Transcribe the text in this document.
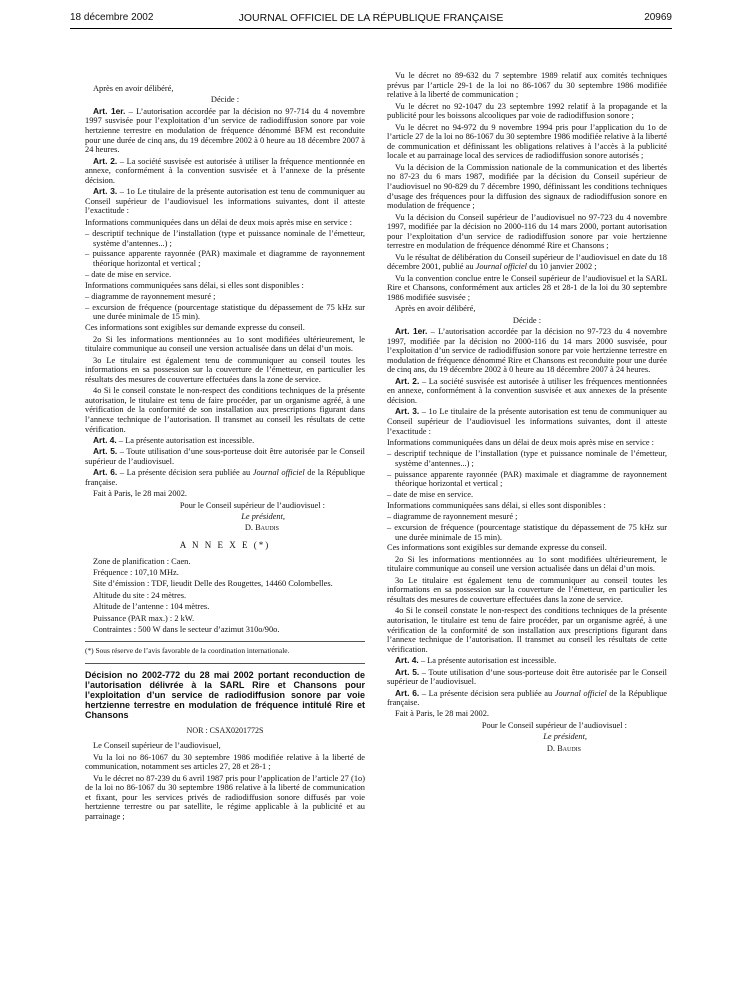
18 décembre 2002	JOURNAL OFFICIEL DE LA RÉPUBLIQUE FRANÇAISE	20969

Après en avoir délibéré,

Décide :

Art. 1er. – L’autorisation accordée par la décision no 97-714 du 4 novembre 1997 susvisée pour l’exploitation d’un service de radiodiffusion sonore par voie hertzienne terrestre en modulation de fréquence dénommé BFM est reconduite pour une durée de cinq ans, du 19 décembre 2002 à 0 heure au 18 décembre 2007 à 24 heures.

Art. 2. – La société susvisée est autorisée à utiliser la fréquence mentionnée en annexe, conformément à la convention susvisée et à l’annexe de la présente décision.

Art. 3. – 1o Le titulaire de la présente autorisation est tenu de communiquer au Conseil supérieur de l’audiovisuel les informations suivantes, dont il atteste l’exactitude :

Informations communiquées dans un délai de deux mois après mise en service :

– descriptif technique de l’installation (type et puissance nominale de l’émetteur, système d’antennes...) ;

– puissance apparente rayonnée (PAR) maximale et diagramme de rayonnement théorique horizontal et vertical ;

– date de mise en service.

Informations communiquées sans délai, si elles sont disponibles :

– diagramme de rayonnement mesuré ;

– excursion de fréquence (pourcentage statistique du dépassement de 75 kHz sur une durée minimale de 15 min).

Ces informations sont exigibles sur demande expresse du conseil.

2o Si les informations mentionnées au 1o sont modifiées ultérieurement, le titulaire communique au conseil une version actualisée dans un délai d’un mois.

3o Le titulaire est également tenu de communiquer au conseil toutes les informations en sa possession sur la couverture de l’émetteur, en particulier les résultats des mesures de couverture effectuées dans la zone de service.

4o Si le conseil constate le non-respect des conditions techniques de la présente autorisation, le titulaire est tenu de faire procéder, par un organisme agréé, à une vérification de la conformité de son installation aux prescriptions figurant dans l’annexe technique de l’autorisation. Il transmet au conseil les résultats de cette vérification.

Art. 4. – La présente autorisation est incessible.

Art. 5. – Toute utilisation d’une sous-porteuse doit être autorisée par le Conseil supérieur de l’audiovisuel.

Art. 6. – La présente décision sera publiée au Journal officiel de la République française.

Fait à Paris, le 28 mai 2002.

Pour le Conseil supérieur de l’audiovisuel :

Le président,

D. Baudis

A N N E X E (*)

Zone de planification : Caen.

Fréquence : 107,10 MHz.

Site d’émission : TDF, lieudit Delle des Rougettes, 14460 Colombelles.

Altitude du site : 24 mètres.

Altitude de l’antenne : 104 mètres.

Puissance (PAR max.) : 2 kW.

Contraintes : 500 W dans le secteur d’azimut 310o/90o.

(*) Sous réserve de l’avis favorable de la coordination internationale.

Décision no 2002-772 du 28 mai 2002 portant reconduction de l’autorisation délivrée à la SARL Rire et Chansons pour l’exploitation d’un service de radiodiffusion sonore par voie hertzienne terrestre en modulation de fréquence intitulé Rire et Chansons

NOR : CSAX0201772S

Le Conseil supérieur de l’audiovisuel,

Vu la loi no 86-1067 du 30 septembre 1986 modifiée relative à la liberté de communication, notamment ses articles 27, 28 et 28-1 ;

Vu le décret no 87-239 du 6 avril 1987 pris pour l’application de l’article 27 (1o) de la loi no 86-1067 du 30 septembre 1986 relative à la liberté de communication et fixant, pour les services privés de radiodiffusion sonore diffusés par voie hertzienne terrestre ou par satellite, le régime applicable à la publicité et au parrainage ;

Vu le décret no 89-632 du 7 septembre 1989 relatif aux comités techniques prévus par l’article 29-1 de la loi no 86-1067 du 30 septembre 1986 modifiée relative à la liberté de communication ;

Vu le décret no 92-1047 du 23 septembre 1992 relatif à la propagande et la publicité pour les boissons alcooliques par voie de radiodiffusion sonore ;

Vu le décret no 94-972 du 9 novembre 1994 pris pour l’application du 1o de l’article 27 de la loi no 86-1067 du 30 septembre 1986 modifiée relative à la liberté de communication et définissant les obligations relatives à l’accès à la publicité locale et au parrainage local des services de radiodiffusion sonore autorisés ;

Vu la décision de la Commission nationale de la communication et des libertés no 87-23 du 6 mars 1987, modifiée par la décision du Conseil supérieur de l’audiovisuel no 90-829 du 7 décembre 1990, définissant les conditions techniques d’usage des fréquences pour la diffusion des signaux de radiodiffusion sonore en modulation de fréquence ;

Vu la décision du Conseil supérieur de l’audiovisuel no 97-723 du 4 novembre 1997, modifiée par la décision no 2000-116 du 14 mars 2000, portant autorisation pour l’exploitation d’un service de radiodiffusion sonore par voie hertzienne terrestre en modulation de fréquence dénommé Rire et Chansons ;

Vu le résultat de délibération du Conseil supérieur de l’audiovisuel en date du 18 décembre 2001, publié au Journal officiel du 10 janvier 2002 ;

Vu la convention conclue entre le Conseil supérieur de l’audiovisuel et la SARL Rire et Chansons, conformément aux articles 28 et 28-1 de la loi du 30 septembre 1986 modifiée susvisée ;

Après en avoir délibéré,

Décide :

Art. 1er. – L’autorisation accordée par la décision no 97-723 du 4 novembre 1997, modifiée par la décision no 2000-116 du 14 mars 2000 susvisée, pour l’exploitation d’un service de radiodiffusion sonore par voie hertzienne terrestre en modulation de fréquence dénommé Rire et Chansons est reconduite pour une durée de cinq ans, du 19 décembre 2002 à 0 heure au 18 décembre 2007 à 24 heures.

Art. 2. – La société susvisée est autorisée à utiliser les fréquences mentionnées en annexe, conformément à la convention susvisée et aux annexes de la présente décision.

Art. 3. – 1o Le titulaire de la présente autorisation est tenu de communiquer au Conseil supérieur de l’audiovisuel les informations suivantes, dont il atteste l’exactitude :

Informations communiquées dans un délai de deux mois après mise en service :

– descriptif technique de l’installation (type et puissance nominale de l’émetteur, système d’antennes...) ;

– puissance apparente rayonnée (PAR) maximale et diagramme de rayonnement théorique horizontal et vertical ;

– date de mise en service.

Informations communiquées sans délai, si elles sont disponibles :

– diagramme de rayonnement mesuré ;

– excursion de fréquence (pourcentage statistique du dépassement de 75 kHz sur une durée minimale de 15 min).

Ces informations sont exigibles sur demande expresse du conseil.

2o Si les informations mentionnées au 1o sont modifiées ultérieurement, le titulaire communique au conseil une version actualisée dans un délai d’un mois.

3o Le titulaire est également tenu de communiquer au conseil toutes les informations en sa possession sur la couverture de l’émetteur, en particulier les résultats des mesures de couverture effectuées dans la zone de service.

4o Si le conseil constate le non-respect des conditions techniques de la présente autorisation, le titulaire est tenu de faire procéder, par un organisme agréé, à une vérification de la conformité de son installation aux prescriptions figurant dans l’annexe technique de l’autorisation. Il transmet au conseil les résultats de cette vérification.

Art. 4. – La présente autorisation est incessible.

Art. 5. – Toute utilisation d’une sous-porteuse doit être autorisée par le Conseil supérieur de l’audiovisuel.

Art. 6. – La présente décision sera publiée au Journal officiel de la République française.

Fait à Paris, le 28 mai 2002.

Pour le Conseil supérieur de l’audiovisuel :

Le président,

D. Baudis
